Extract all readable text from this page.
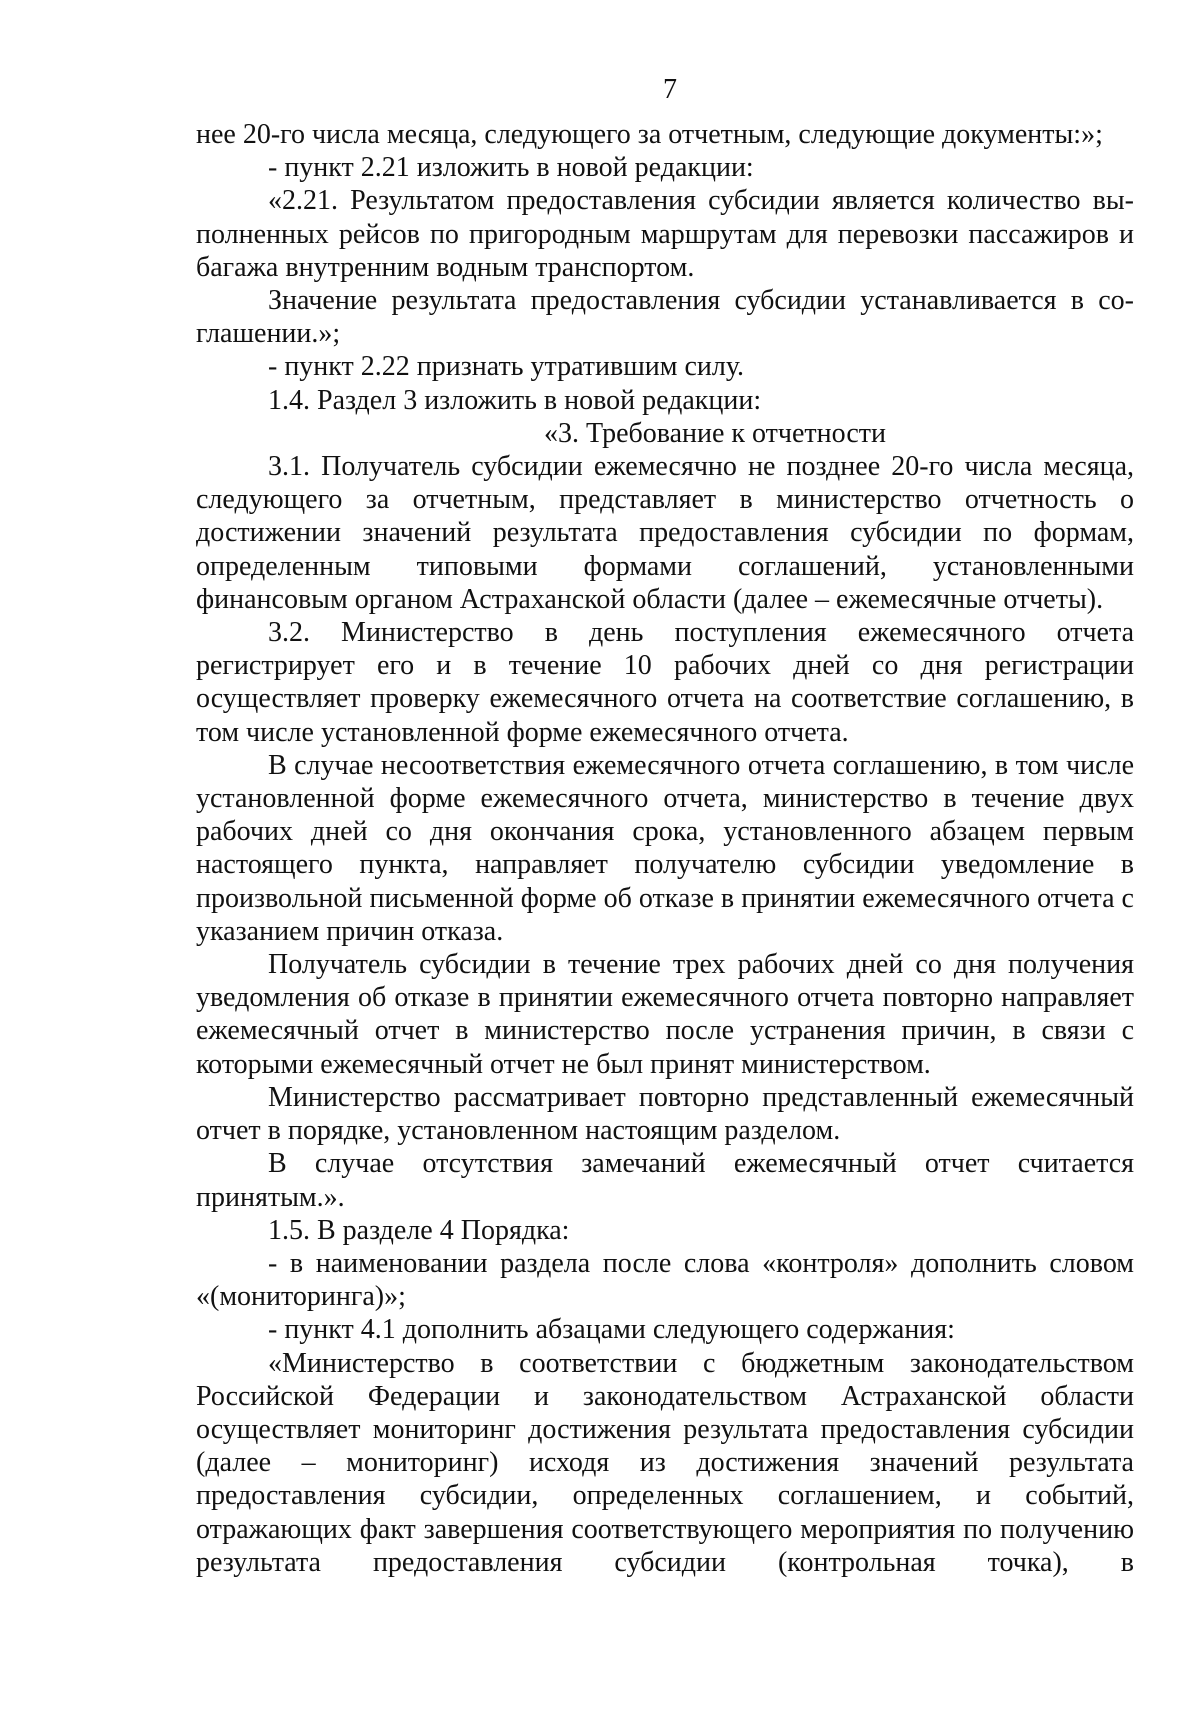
7

нее 20-го числа месяца, следующего за отчетным, следующие документы:»;

- пункт 2.21 изложить в новой редакции:

«2.21. Результатом предоставления субсидии является количество выполненных рейсов по пригородным маршрутам для перевозки пассажиров и багажа внутренним водным транспортом.

Значение результата предоставления субсидии устанавливается в соглашении.»;

- пункт 2.22 признать утратившим силу.

1.4. Раздел 3 изложить в новой редакции:

«3. Требование к отчетности

3.1. Получатель субсидии ежемесячно не позднее 20-го числа месяца, следующего за отчетным, представляет в министерство отчетность о достижении значений результата предоставления субсидии по формам, определенным типовыми формами соглашений, установленными финансовым органом Астраханской области (далее – ежемесячные отчеты).

3.2. Министерство в день поступления ежемесячного отчета регистрирует его и в течение 10 рабочих дней со дня регистрации осуществляет проверку ежемесячного отчета на соответствие соглашению, в том числе установленной форме ежемесячного отчета.

В случае несоответствия ежемесячного отчета соглашению, в том числе установленной форме ежемесячного отчета, министерство в течение двух рабочих дней со дня окончания срока, установленного абзацем первым настоящего пункта, направляет получателю субсидии уведомление в произвольной письменной форме об отказе в принятии ежемесячного отчета с указанием причин отказа.

Получатель субсидии в течение трех рабочих дней со дня получения уведомления об отказе в принятии ежемесячного отчета повторно направляет ежемесячный отчет в министерство после устранения причин, в связи с которыми ежемесячный отчет не был принят министерством.

Министерство рассматривает повторно представленный ежемесячный отчет в порядке, установленном настоящим разделом.

В случае отсутствия замечаний ежемесячный отчет считается принятым.».

1.5. В разделе 4 Порядка:

- в наименовании раздела после слова «контроля» дополнить словом «(мониторинга)»;

- пункт 4.1 дополнить абзацами следующего содержания:

«Министерство в соответствии с бюджетным законодательством Российской Федерации и законодательством Астраханской области осуществляет мониторинг достижения результата предоставления субсидии (далее – мониторинг) исходя из достижения значений результата предоставления субсидии, определенных соглашением, и событий, отражающих факт завершения соответствующего мероприятия по получению результата предоставления субсидии (контрольная точка), в
